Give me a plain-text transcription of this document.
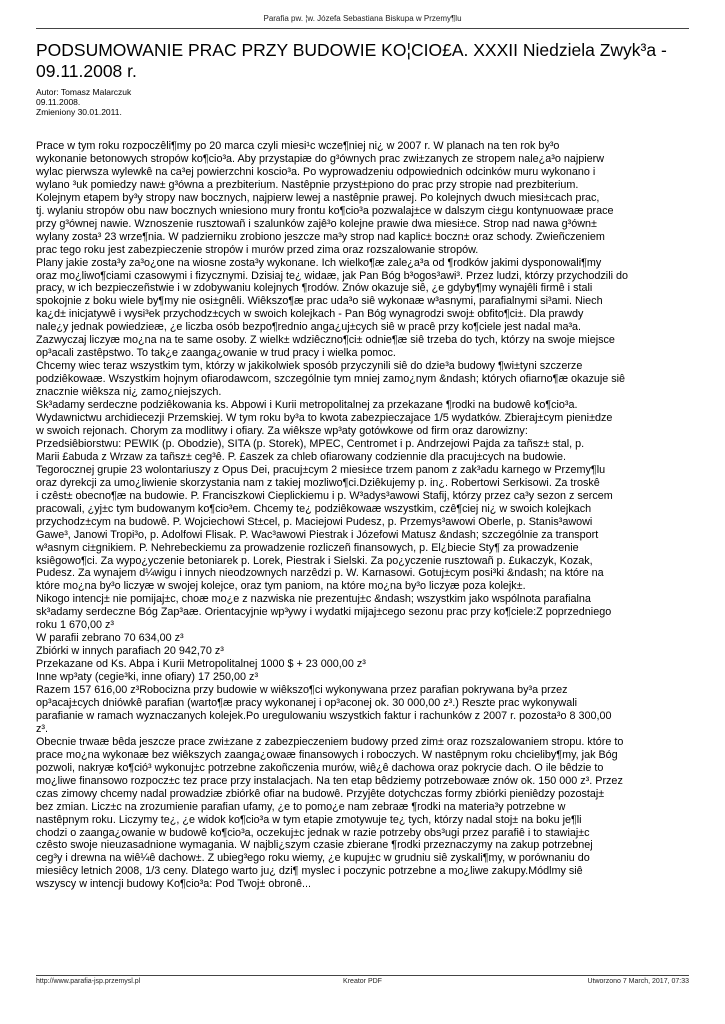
Parafia pw. ¦w. Józefa Sebastiana Biskupa w Przemy¶lu
PODSUMOWANIE PRAC PRZY BUDOWIE KO¦CIO£A. XXXII Niedziela Zwyk³a - 09.11.2008 r.
Autor: Tomasz Malarczuk
09.11.2008.
Zmieniony 30.01.2011.

Prace w tym roku rozpoczêli¶my po 20 marca czyli miesi¹c wcze¶niej ni¿ w 2007 r. W planach na ten rok by³o

wykonanie betonowych stropów ko¶cio³a. Aby przystapiæ do g³ównych prac zwi±zanych ze stropem nale¿a³o najpierw

wylac pierwsza wylewkê na ca³ej powierzchni koscio³a. Po wyprowadzeniu odpowiednich odcinków muru wykonano i

wylano ³uk pomiedzy naw± g³ówna a prezbiterium. Nastêpnie przyst±piono do prac przy stropie nad prezbiterium.

Kolejnym etapem by³y stropy naw bocznych, najpierw lewej a nastêpnie prawej. Po kolejnych dwuch miesi±cach prac,

tj. wylaniu stropów obu naw bocznych wniesiono mury frontu ko¶cio³a pozwalaj±ce w dalszym ci±gu kontynuowaæ prace

przy g³ównej nawie. Wznoszenie rusztowañ i szalunków zajê³o kolejne prawie dwa miesi±ce. Strop nad nawa g³ówn±

wylany zosta³ 23 wrze¶nia. W padzierniku zrobiono jeszcze ma³y strop nad kaplic± boczn± oraz schody. Zwieñczeniem

prac tego roku jest zabezpieczenie stropów i murów przed zima oraz rozszalowanie stropów.

Plany jakie zosta³y za³o¿one na wiosne zosta³y wykonane. Ich wielko¶æ zale¿a³a od ¶rodków jakimi dysponowali¶my

oraz mo¿liwo¶ciami czasowymi i fizycznymi. Dzisiaj te¿ widaæ, jak Pan Bóg b³ogos³awi³. Przez ludzi, którzy przychodzili do

pracy, w ich bezpieczeñstwie i w zdobywaniu kolejnych ¶rodów. Znów okazuje siê, ¿e gdyby¶my wynajêli firmê i stali

spokojnie z boku wiele by¶my nie osi±gnêli. Wiêkszo¶æ prac uda³o siê wykonaæ w³asnymi, parafialnymi si³ami. Niech

ka¿d± inicjatywê i wysi³ek przychodz±cych w swoich kolejkach - Pan Bóg wynagrodzi swoj± obfito¶ci±. Dla prawdy

nale¿y jednak powiedzieæ, ¿e liczba osób bezpo¶rednio anga¿uj±cych siê w pracê przy ko¶ciele jest nadal ma³a.

Zazwyczaj liczyæ mo¿na na te same osoby. Z wielk± wdziêczno¶ci± odnie¶æ siê trzeba do tych, którzy na swoje miejsce

op³acali zastêpstwo. To tak¿e zaanga¿owanie w trud pracy i wielka pomoc.

Chcemy wiec teraz wszystkim tym, którzy w jakikolwiek sposób przyczynili siê do dzie³a budowy ¶wi±tyni szczerze

podziêkowaæ. Wszystkim hojnym ofiarodawcom, szczególnie tym mniej zamo¿nym &ndash; których ofiarno¶æ okazuje siê

znacznie wiêksza ni¿ zamo¿niejszych.

Sk³adamy serdeczne podziêkowania ks. Abpowi i Kurii metropolitalnej za przekazane ¶rodki na budowê ko¶cio³a.

Wydawnictwu archidiecezji Przemskiej. W tym roku by³a to kwota zabezpieczajace 1/5 wydatków. Zbieraj±cym pieni±dze

w swoich rejonach. Chorym za modlitwy i ofiary. Za wiêksze wp³aty gotówkowe od firm oraz darowizny:

Przedsiêbiorstwu: PEWIK (p. Obodzie), SITA (p. Storek), MPEC, Centromet i p. Andrzejowi Pajda za tañsz± stal, p.

Marii £abuda z Wrzaw za tañsz± ceg³ê. P. £aszek za chleb ofiarowany codziennie dla pracuj±cych na budowie.

Tegorocznej grupie 23 wolontariuszy z Opus Dei, pracuj±cym 2 miesi±ce trzem panom z zak³adu karnego w Przemy¶lu

oraz dyrekcji za umo¿liwienie skorzystania nam z takiej mozliwo¶ci.Dziêkujemy p. in¿. Robertowi Serkisowi. Za troskê

i czêst± obecno¶æ na budowie. P. Franciszkowi Cieplickiemu i p. W³adys³awowi Stafij, którzy przez ca³y sezon z sercem

pracowali, ¿yj±c tym budowanym ko¶cio³em. Chcemy te¿ podziêkowaæ wszystkim, czê¶ciej ni¿ w swoich kolejkach

przychodz±cym na budowê. P. Wojciechowi St±cel, p. Maciejowi Pudesz, p. Przemys³awowi Oberle, p. Stanis³awowi

Gawe³, Janowi Tropi³o, p. Adolfowi Flisak. P. Wac³awowi Piestrak i Józefowi Matusz &ndash; szczególnie za transport

w³asnym ci±gnikiem. P. Nehrebeckiemu za prowadzenie rozliczeñ finansowych, p. El¿biecie Sty¶ za prowadzenie

ksiêgowo¶ci. Za wypo¿yczenie betoniarek p. Lorek, Piestrak i Sielski. Za po¿yczenie rusztowañ p. £ukaczyk, Kozak,

Pudesz. Za wynajem d¼wigu i innych nieodzownych narzêdzi p. W. Karnasowi. Gotuj±cym posi³ki &ndash; na które na

które mo¿na by³o liczyæ w swojej kolejce, oraz tym paniom, na które mo¿na by³o liczyæ poza kolejk±.

Nikogo intencj± nie pomijaj±c, choæ mo¿e z nazwiska nie prezentuj±c &ndash; wszystkim jako wspólnota parafialna

sk³adamy serdeczne Bóg Zap³aæ. Orientacyjnie wp³ywy i wydatki mijaj±cego sezonu prac przy ko¶ciele:Z poprzedniego

roku 1 670,00 z³

W parafii zebrano 70 634,00 z³

Zbiórki w innych parafiach 20 942,70 z³

Przekazane od Ks. Abpa i Kurii Metropolitalnej 1000 $ + 23 000,00 z³

Inne wp³aty (cegie³ki, inne ofiary) 17 250,00 z³

Razem 157 616,00 z³Robocizna przy budowie w wiêkszo¶ci wykonywana przez parafian pokrywana by³a przez

op³acaj±cych dniówkê parafian (warto¶æ pracy wykonanej i op³aconej ok. 30 000,00 z³.) Reszte prac wykonywali

parafianie w ramach wyznaczanych kolejek.Po uregulowaniu wszystkich faktur i rachunków z 2007 r. pozosta³o 8 300,00

z³.

Obecnie trwaæ bêda jeszcze prace zwi±zane z zabezpieczeniem budowy przed zim± oraz rozszalowaniem stropu. które to

prace mo¿na wykonaæ bez wiêkszych zaanga¿owaæ finansowych i roboczych. W nastêpnym roku chcieliby¶my, jak Bóg

pozwoli, nakryæ ko¶ció³ wykonuj±c potrzebne zakoñczenia murów, wiê¿ê dachowa oraz pokrycie dach. O ile bêdzie to

mo¿liwe finansowo rozpocz±c tez prace przy instalacjach. Na ten etap bêdziemy potrzebowaæ znów ok. 150 000 z³. Przez

czas zimowy chcemy nadal prowadziæ zbiórkê ofiar na budowê. Przyjête dotychczas formy zbiórki pieniêdzy pozostaj±

bez zmian. Licz±c na zrozumienie parafian ufamy, ¿e to pomo¿e nam zebraæ ¶rodki na materia³y potrzebne w

nastêpnym roku. Liczymy te¿, ¿e widok ko¶cio³a w tym etapie zmotywuje te¿ tych, którzy nadal stoj± na boku je¶li

chodzi o zaanga¿owanie w budowê ko¶cio³a, oczekuj±c jednak w razie potrzeby obs³ugi przez parafiê i to stawiaj±c

czêsto swoje nieuzasadnione wymagania. W najbli¿szym czasie zbierane ¶rodki przeznaczymy na zakup potrzebnej

ceg³y i drewna na wiê¼ê dachow±. Z ubieg³ego roku wiemy, ¿e kupuj±c w grudniu siê zyskali¶my, w porównaniu do

miesiêcy letnich 2008, 1/3 ceny. Dlatego warto ju¿ dzi¶ myslec i poczynic potrzebne a mo¿liwe zakupy.Módlmy siê

wszyscy w intencji budowy Ko¶cio³a: Pod Twoj± obronê...

http://www.parafia-jsp.przemysl.pl	Kreator PDF	Utworzono 7 March, 2017, 07:33
